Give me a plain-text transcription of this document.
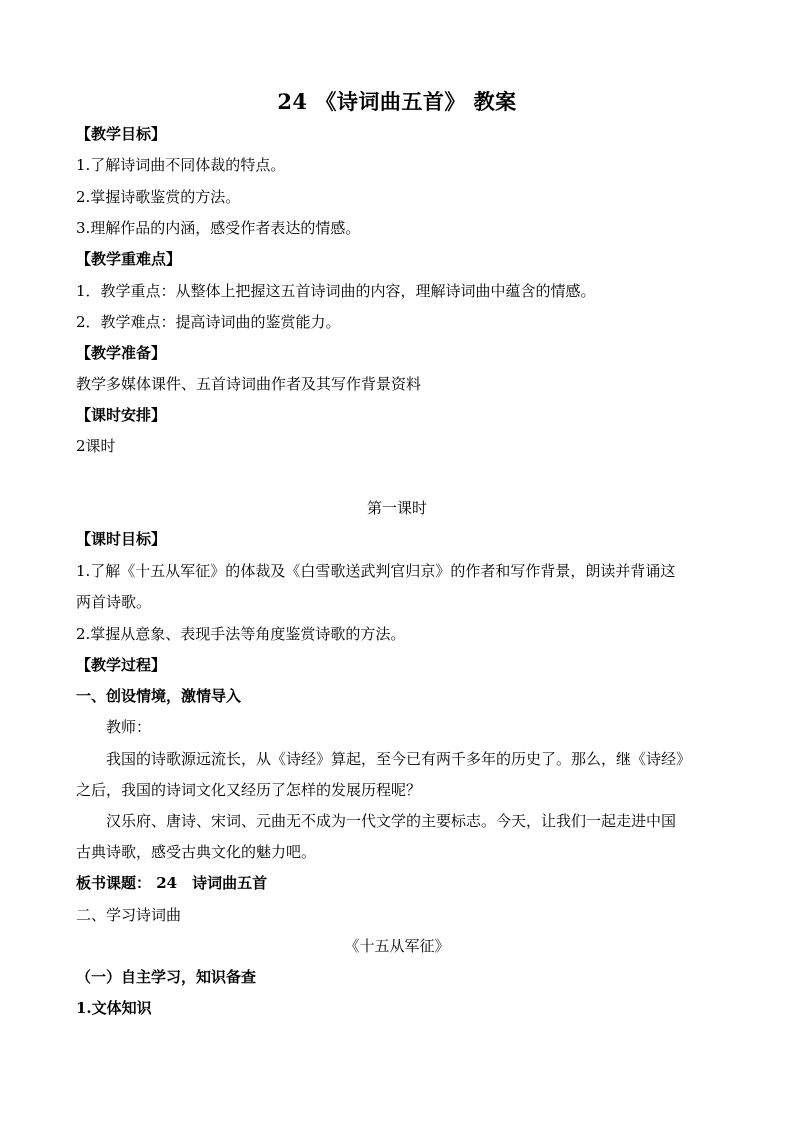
24 《诗词曲五首》 教案
【教学目标】
1.了解诗词曲不同体裁的特点。
2.掌握诗歌鉴赏的方法。
3.理解作品的内涵，感受作者表达的情感。
【教学重难点】
1．教学重点：从整体上把握这五首诗词曲的内容，理解诗词曲中蕴含的情感。
2．教学难点：提高诗词曲的鉴赏能力。
【教学准备】
教学多媒体课件、五首诗词曲作者及其写作背景资料
【课时安排】
2课时
第一课时
【课时目标】
1.了解《十五从军征》的体裁及《白雪歌送武判官归京》的作者和写作背景，朗读并背诵这
两首诗歌。
2.掌握从意象、表现手法等角度鉴赏诗歌的方法。
【教学过程】
一、创设情境，激情导入
教师：
我国的诗歌源远流长，从《诗经》算起，至今已有两千多年的历史了。那么，继《诗经》
之后，我国的诗词文化又经历了怎样的发展历程呢？
汉乐府、唐诗、宋词、元曲无不成为一代文学的主要标志。今天，让我们一起走进中国
古典诗歌，感受古典文化的魅力吧。
板书课题： 24　诗词曲五首
二、学习诗词曲
《十五从军征》
（一）自主学习，知识备查
1.文体知识
